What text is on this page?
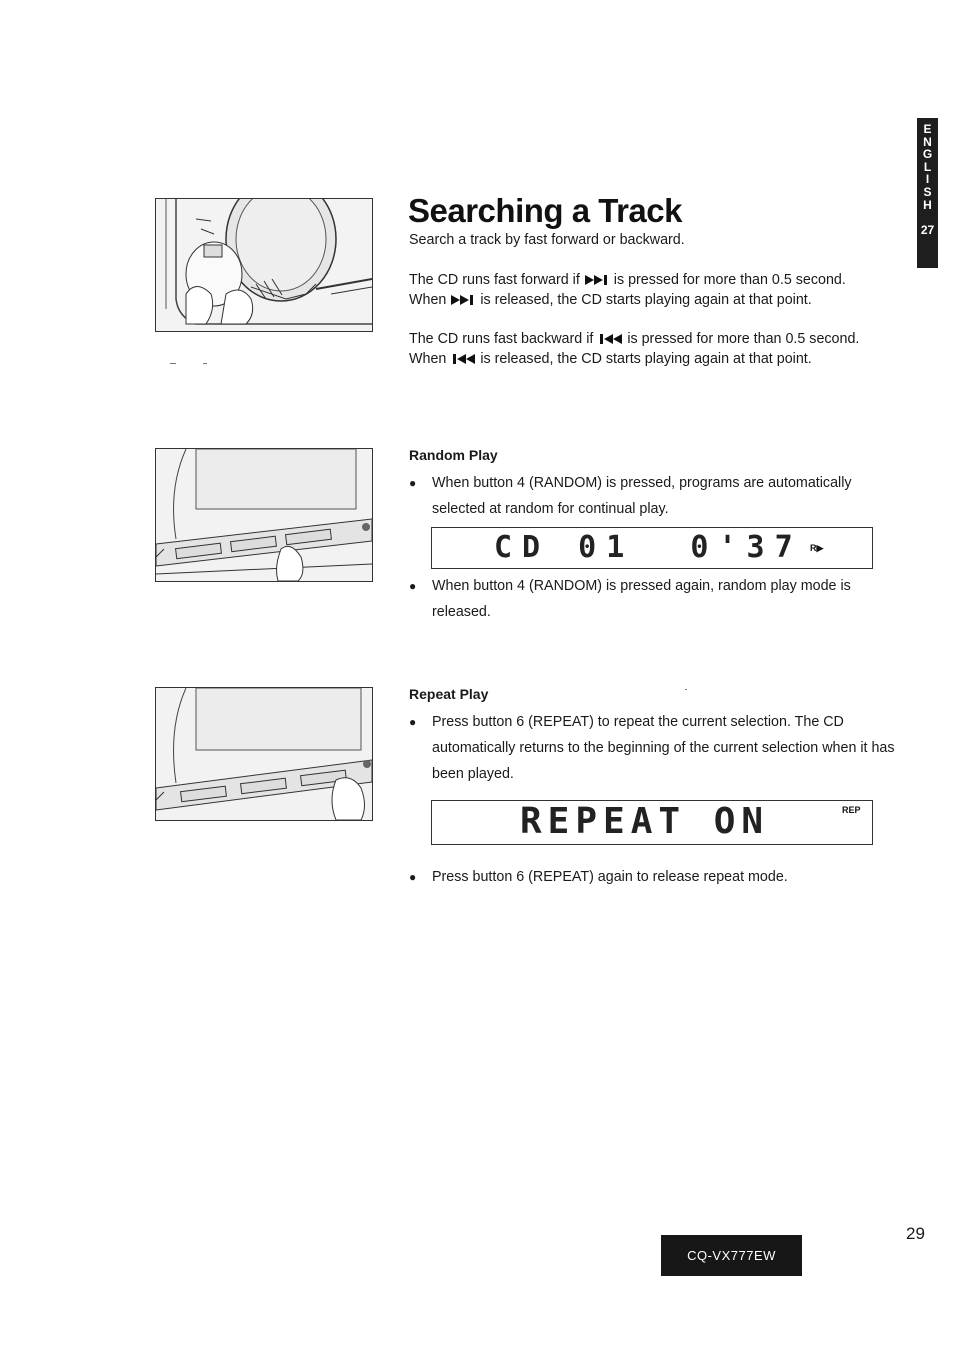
E
N
G
L
I
S
H
27
Searching a Track
Search a track by fast forward or backward.
The CD runs fast forward if is pressed for more than 0.5 second.
When is released, the CD starts playing again at that point.
The CD runs fast backward if is pressed for more than 0.5 second.
When is released, the CD starts playing again at that point.
Random Play
● When button 4 (RANDOM) is pressed, programs are automatically selected at random for continual play.
CD 01  0'37 R▶
● When button 4 (RANDOM) is pressed again, random play mode is released.
Repeat Play
● Press button 6 (REPEAT) to repeat the current selection. The CD automatically returns to the beginning of the current selection when it has been played.
REPEAT ON	REP
● Press button 6 (REPEAT) again to release repeat mode.
29
CQ-VX777EW
